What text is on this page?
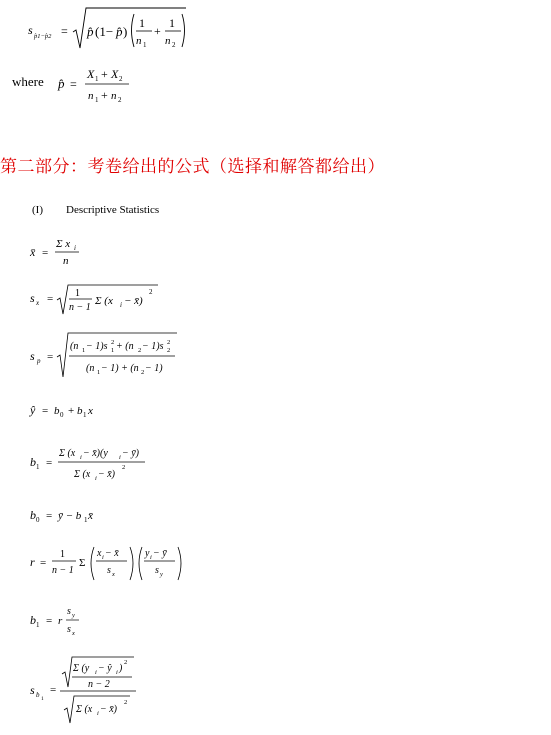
s p̂1−p̂2 = p̂ (1− p̂ )
1
n 1
+
1
n 2
where p̂ =
X 1 + X 2
n 1 + n 2
第二部分：考卷给出的公式（选择和解答都给出）
(I) Descriptive Statistics
x̄ =
Σ x i
n
s x = 1
n − 1
Σ (x i − x̄)
2
s p =
(n 1 − 1)s 2
1 + (n 2 − 1)s 2
2
(n 1 − 1) + (n 2 − 1)
ŷ = b 0 + b 1 x
b 1 =
Σ (x i − x̄)(y i − ȳ)
Σ (x i − x̄)
2
b 0 = ȳ − b 1 x̄
r =
1
n − 1
Σ
x i − x̄
s x
y i − ȳ
s y
b 1 = r
s y
s x
s b 1
=
Σ (y i − ŷ i )
2
n − 2
Σ (x i − x̄)
2
